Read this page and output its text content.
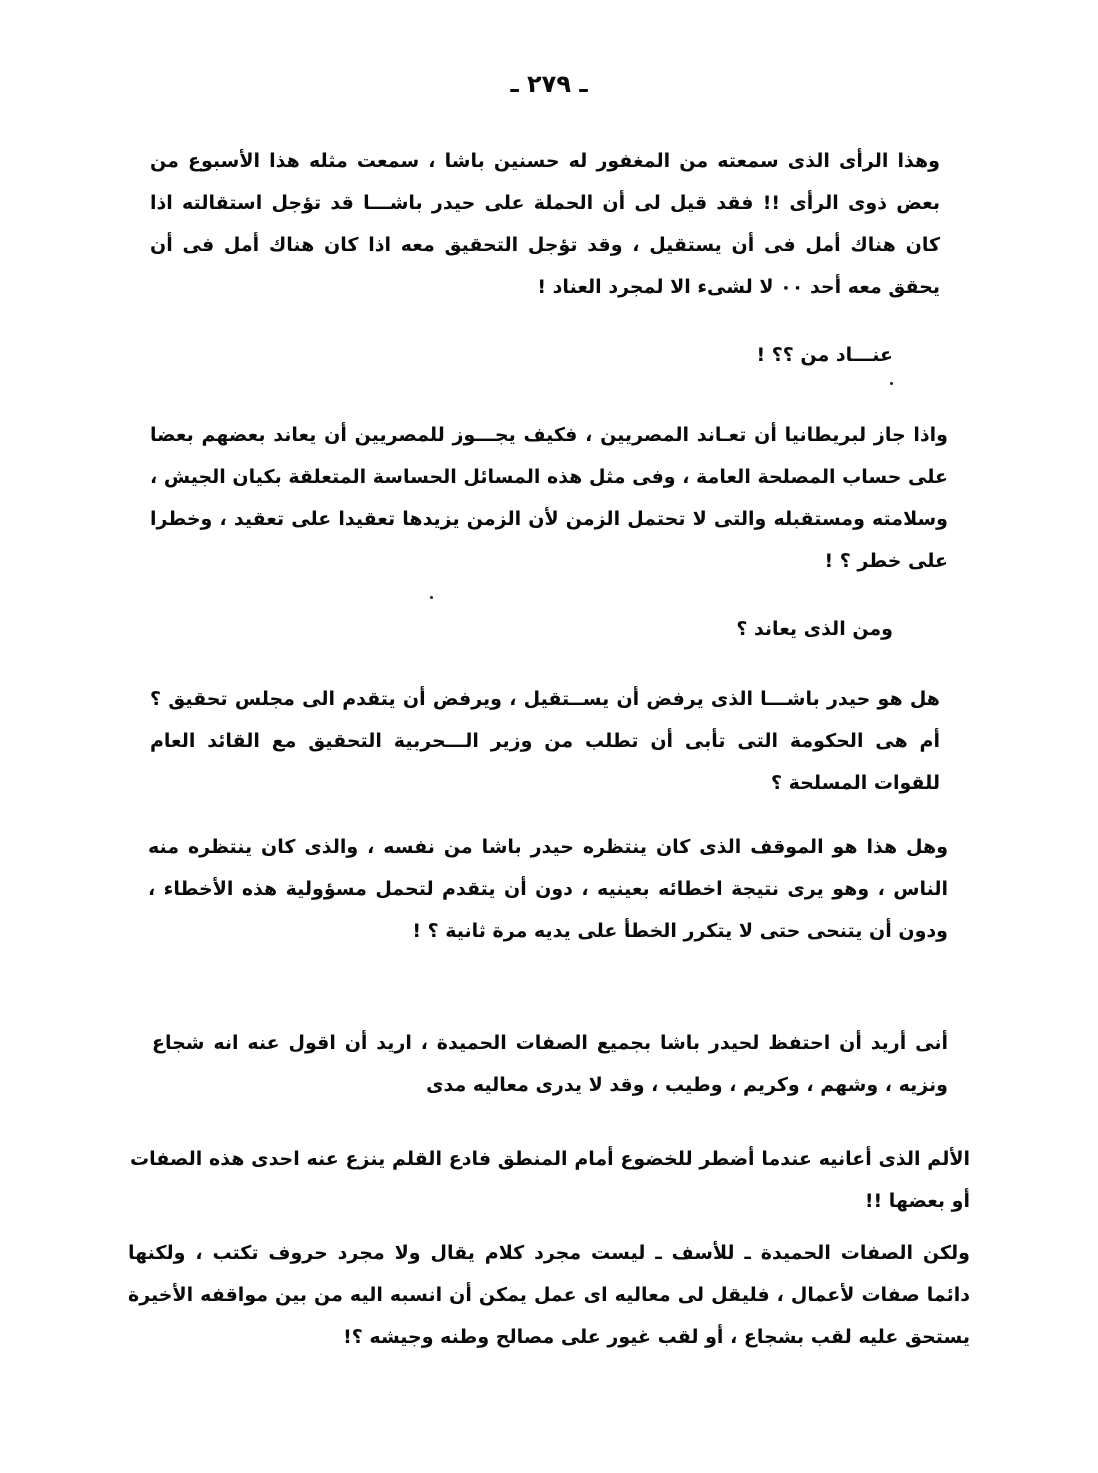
ـ ٢٧٩ ـ

وهذا الرأى الذى سمعته من المغفور له حسنين باشا ، سمعت مثله هذا الأسبوع من بعض ذوى الرأى !! فقد قيل لى أن الحملة على حيدر باشـــا قد تؤجل استقالته اذا كان هناك أمل فى أن يستقيل ، وقد تؤجل التحقيق معه اذا كان هناك أمل فى أن يحقق معه أحد ٠٠ لا لشىء الا لمجرد العناد !

عنـــاد من ؟؟ !

واذا جاز لبريطانيا أن تعـاند المصريين ، فكيف يجـــوز للمصريين أن يعاند بعضهم بعضا على حساب المصلحة العامة ، وفى مثل هذه المسائل الحساسة المتعلقة بكيان الجيش ، وسلامته ومستقبله والتى لا تحتمل الزمن لأن الزمن يزيدها تعقيدا على تعقيد ، وخطرا على خطر ؟ !

ومن الذى يعاند ؟

هل هو حيدر باشـــا الذى يرفض أن يســتقيل ، ويرفض أن يتقدم الى مجلس تحقيق ؟ أم هى الحكومة التى تأبى أن تطلب من وزير الـــحربية التحقيق مع القائد العام للقوات المسلحة ؟

وهل هذا هو الموقف الذى كان ينتظره حيدر باشا من نفسه ، والذى كان ينتظره منه الناس ، وهو يرى نتيجة اخطائه بعينيه ، دون أن يتقدم لتحمل مسؤولية هذه الأخطاء ، ودون أن يتنحى حتى لا يتكرر الخطأ على يديه مرة ثانية ؟ !

أنى أريد أن احتفظ لحيدر باشا بجميع الصفات الحميدة ، اريد أن اقول عنه انه شجاع ونزيه ، وشهم ، وكريم ، وطيب ، وقد لا يدرى معاليه مدى

الألم الذى أعانيه عندما أضطر للخضوع أمام المنطق فادع القلم ينزع عنه احدى هذه الصفات أو بعضها !!

ولكن الصفات الحميدة ـ للأسف ـ ليست مجرد كلام يقال ولا مجرد حروف تكتب ، ولكنها دائما صفات لأعمال ، فليقل لى معاليه اى عمل يمكن أن انسبه اليه من بين مواقفه الأخيرة يستحق عليه لقب بشجاع ، أو لقب غيور على مصالح وطنه وجيشه ؟!
